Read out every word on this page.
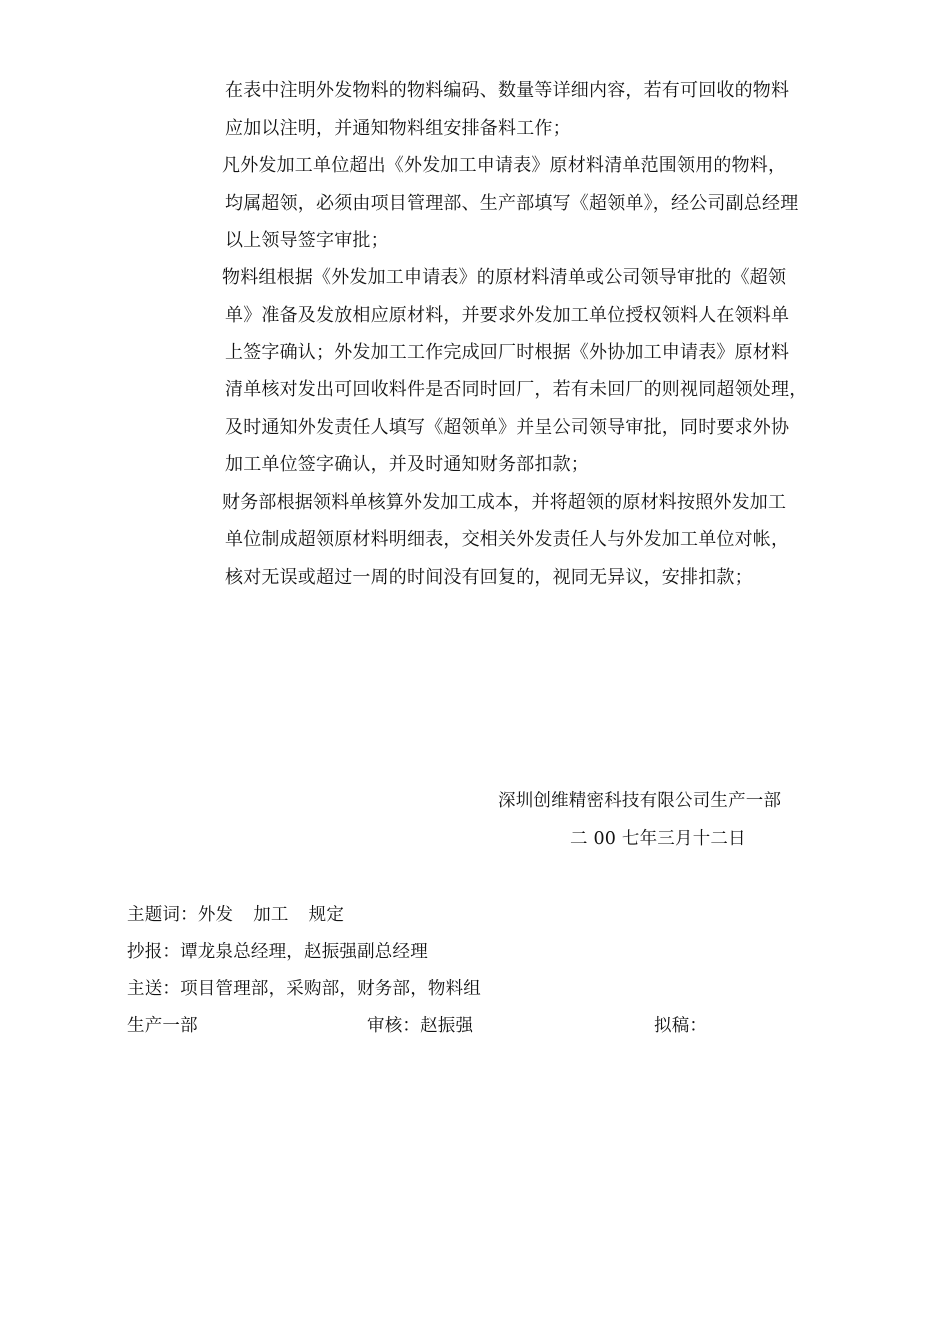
在表中注明外发物料的物料编码、数量等详细内容，若有可回收的物料
应加以注明，并通知物料组安排备料工作；
凡外发加工单位超出《外发加工申请表》原材料清单范围领用的物料，
均属超领，必须由项目管理部、生产部填写《超领单》，经公司副总经理
以上领导签字审批；
物料组根据《外发加工申请表》的原材料清单或公司领导审批的《超领
单》准备及发放相应原材料，并要求外发加工单位授权领料人在领料单
上签字确认；外发加工工作完成回厂时根据《外协加工申请表》原材料
清单核对发出可回收料件是否同时回厂，若有未回厂的则视同超领处理，
及时通知外发责任人填写《超领单》并呈公司领导审批，同时要求外协
加工单位签字确认，并及时通知财务部扣款；
财务部根据领料单核算外发加工成本，并将超领的原材料按照外发加工
单位制成超领原材料明细表，交相关外发责任人与外发加工单位对帐，
核对无误或超过一周的时间没有回复的，视同无异议，安排扣款；
深圳创维精密科技有限公司生产一部
二 00 七年三月十二日
主题词：外发 加工 规定
抄报：谭龙泉总经理，赵振强副总经理
主送：项目管理部，采购部，财务部，物料组
生产一部	审核：赵振强	拟稿：
